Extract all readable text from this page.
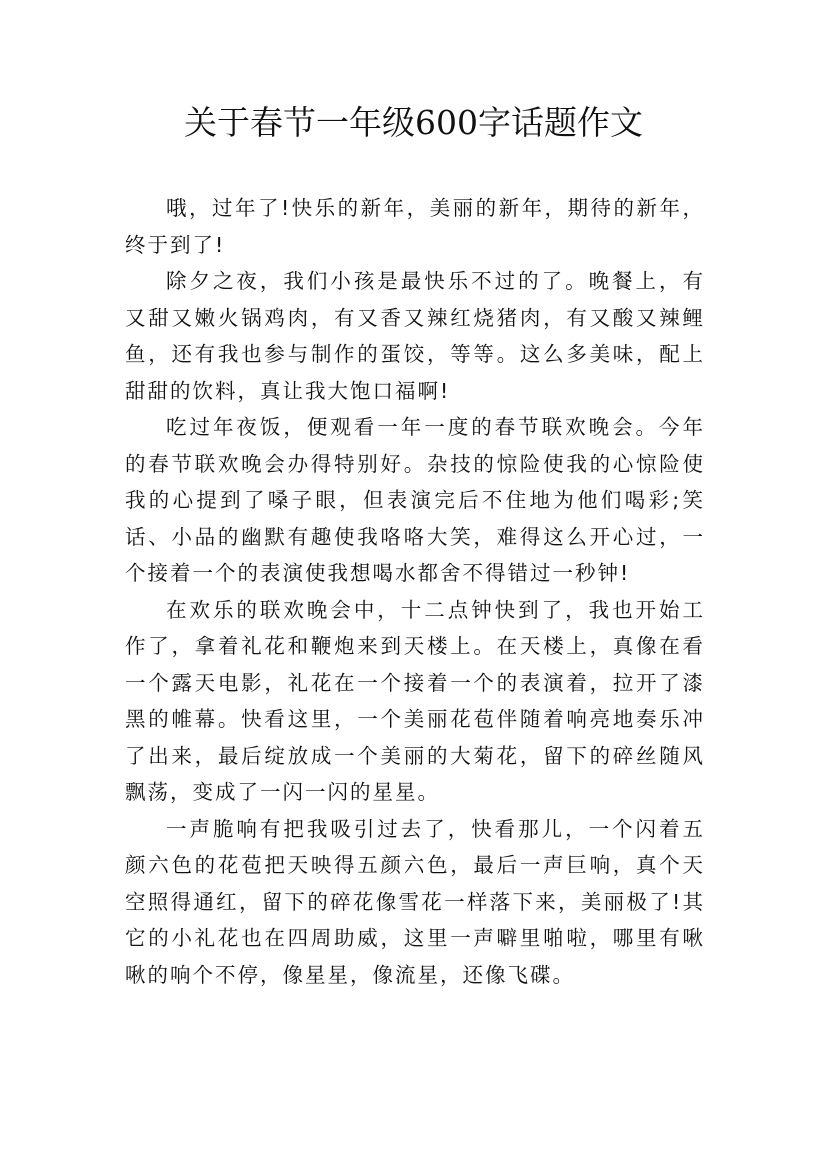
关于春节一年级600字话题作文

哦，过年了!快乐的新年，美丽的新年，期待的新年，终于到了!

除夕之夜，我们小孩是最快乐不过的了。晚餐上，有又甜又嫩火锅鸡肉，有又香又辣红烧猪肉，有又酸又辣鲤鱼，还有我也参与制作的蛋饺，等等。这么多美味，配上甜甜的饮料，真让我大饱口福啊!

吃过年夜饭，便观看一年一度的春节联欢晚会。今年的春节联欢晚会办得特别好。杂技的惊险使我的心惊险使我的心提到了嗓子眼，但表演完后不住地为他们喝彩;笑话、小品的幽默有趣使我咯咯大笑，难得这么开心过，一个接着一个的表演使我想喝水都舍不得错过一秒钟!

在欢乐的联欢晚会中，十二点钟快到了，我也开始工作了，拿着礼花和鞭炮来到天楼上。在天楼上，真像在看一个露天电影，礼花在一个接着一个的表演着，拉开了漆黑的帷幕。快看这里，一个美丽花苞伴随着响亮地奏乐冲了出来，最后绽放成一个美丽的大菊花，留下的碎丝随风飘荡，变成了一闪一闪的星星。

一声脆响有把我吸引过去了，快看那儿，一个闪着五颜六色的花苞把天映得五颜六色，最后一声巨响，真个天空照得通红，留下的碎花像雪花一样落下来，美丽极了!其它的小礼花也在四周助威，这里一声噼里啪啦，哪里有啾啾的响个不停，像星星，像流星，还像飞碟。
